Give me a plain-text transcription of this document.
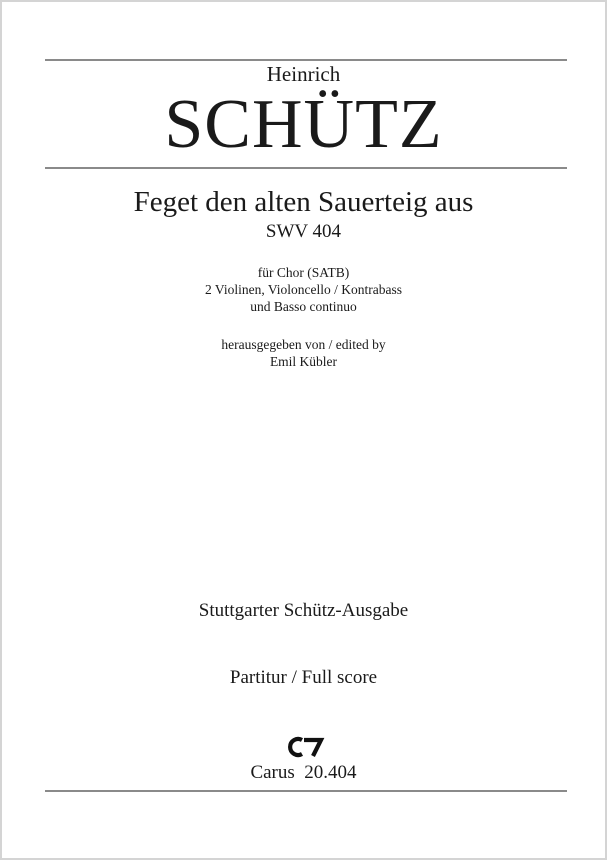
Heinrich
SCHÜTZ
Feget den alten Sauerteig aus
SWV 404
für Chor (SATB)
2 Violinen, Violoncello / Kontrabass
und Basso continuo
herausgegeben von / edited by
Emil Kübler
Stuttgarter Schütz-Ausgabe
Partitur / Full score
Carus  20.404
